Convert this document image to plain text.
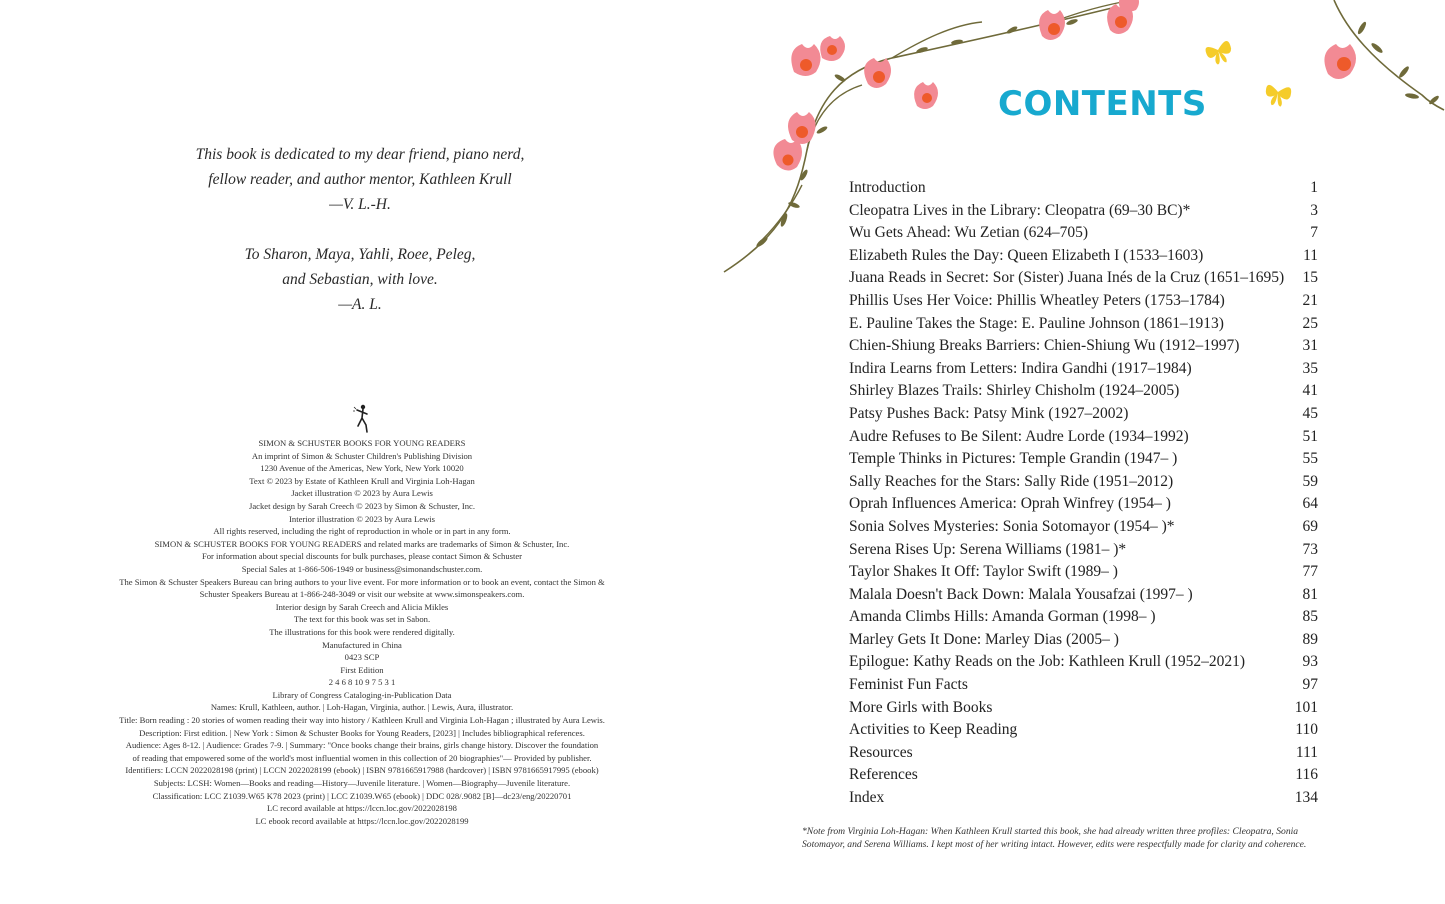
This book is dedicated to my dear friend, piano nerd,
fellow reader, and author mentor, Kathleen Krull
—V. L.-H.
To Sharon, Maya, Yahli, Roee, Peleg,
and Sebastian, with love.
—A. L.
SIMON & SCHUSTER BOOKS FOR YOUNG READERS
An imprint of Simon & Schuster Children's Publishing Division
1230 Avenue of the Americas, New York, New York 10020
Text © 2023 by Estate of Kathleen Krull and Virginia Loh-Hagan
Jacket illustration © 2023 by Aura Lewis
Jacket design by Sarah Creech © 2023 by Simon & Schuster, Inc.
Interior illustration © 2023 by Aura Lewis
All rights reserved, including the right of reproduction in whole or in part in any form.
SIMON & SCHUSTER BOOKS FOR YOUNG READERS and related marks are trademarks of Simon & Schuster, Inc.
For information about special discounts for bulk purchases, please contact Simon & Schuster
Special Sales at 1-866-506-1949 or business@simonandschuster.com.
The Simon & Schuster Speakers Bureau can bring authors to your live event. For more information or to book an event, contact the Simon &
Schuster Speakers Bureau at 1-866-248-3049 or visit our website at www.simonspeakers.com.
Interior design by Sarah Creech and Alicia Mikles
The text for this book was set in Sabon.
The illustrations for this book were rendered digitally.
Manufactured in China
0423 SCP
First Edition
2 4 6 8 10 9 7 5 3 1
Library of Congress Cataloging-in-Publication Data
Names: Krull, Kathleen, author. | Loh-Hagan, Virginia, author. | Lewis, Aura, illustrator.
Title: Born reading : 20 stories of women reading their way into history / Kathleen Krull and Virginia Loh-Hagan ; illustrated by Aura Lewis.
Description: First edition. | New York : Simon & Schuster Books for Young Readers, [2023] | Includes bibliographical references.
Audience: Ages 8-12. | Audience: Grades 7-9. | Summary: "Once books change their brains, girls change history. Discover the foundation
of reading that empowered some of the world's most influential women in this collection of 20 biographies"— Provided by publisher.
Identifiers: LCCN 2022028198 (print) | LCCN 2022028199 (ebook) | ISBN 9781665917988 (hardcover) | ISBN 9781665917995 (ebook)
Subjects: LCSH: Women—Books and reading—History—Juvenile literature. | Women—Biography—Juvenile literature.
Classification: LCC Z1039.W65 K78 2023 (print) | LCC Z1039.W65 (ebook) | DDC 028/.9082 [B]—dc23/eng/20220701
LC record available at https://lccn.loc.gov/2022028198
LC ebook record available at https://lccn.loc.gov/2022028199
CONTENTS
Introduction	1
Cleopatra Lives in the Library: Cleopatra (69–30 BC)*	3
Wu Gets Ahead: Wu Zetian (624–705)	7
Elizabeth Rules the Day: Queen Elizabeth I (1533–1603)	11
Juana Reads in Secret: Sor (Sister) Juana Inés de la Cruz (1651–1695) 15
Phillis Uses Her Voice: Phillis Wheatley Peters (1753–1784)	21
E. Pauline Takes the Stage: E. Pauline Johnson (1861–1913)	25
Chien-Shiung Breaks Barriers: Chien-Shiung Wu (1912–1997)	31
Indira Learns from Letters: Indira Gandhi (1917–1984)	35
Shirley Blazes Trails: Shirley Chisholm (1924–2005)	41
Patsy Pushes Back: Patsy Mink (1927–2002)	45
Audre Refuses to Be Silent: Audre Lorde (1934–1992)	51
Temple Thinks in Pictures: Temple Grandin (1947– )	55
Sally Reaches for the Stars: Sally Ride (1951–2012)	59
Oprah Influences America: Oprah Winfrey (1954– )	64
Sonia Solves Mysteries: Sonia Sotomayor (1954– )*	69
Serena Rises Up: Serena Williams (1981– )*	73
Taylor Shakes It Off: Taylor Swift (1989– )	77
Malala Doesn't Back Down: Malala Yousafzai (1997– )	81
Amanda Climbs Hills: Amanda Gorman (1998– )	85
Marley Gets It Done: Marley Dias (2005– )	89
Epilogue: Kathy Reads on the Job: Kathleen Krull (1952–2021)	93
Feminist Fun Facts	97
More Girls with Books	101
Activities to Keep Reading	110
Resources	111
References	116
Index	134
*Note from Virginia Loh-Hagan: When Kathleen Krull started this book, she had already written three profiles: Cleopatra, Sonia
Sotomayor, and Serena Williams. I kept most of her writing intact. However, edits were respectfully made for clarity and coherence.
